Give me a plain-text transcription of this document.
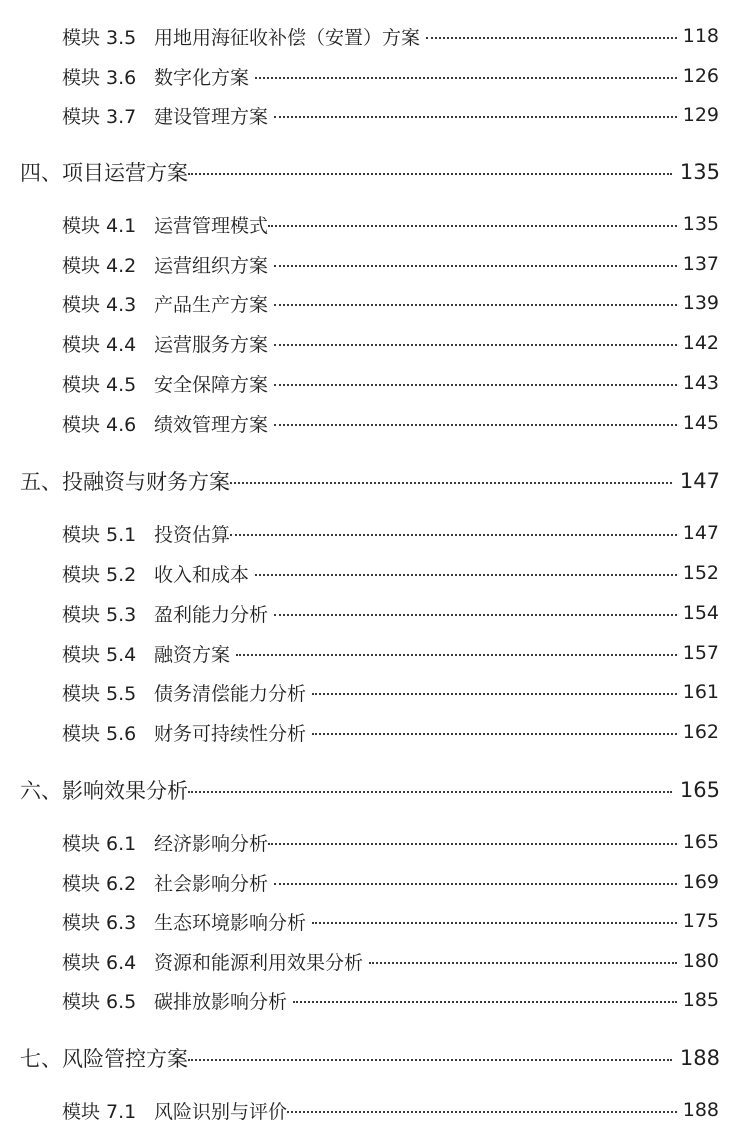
模块 3.5 用地用海征收补偿（安置）方案	118
模块 3.6 数字化方案	126
模块 3.7 建设管理方案	129
四、项目运营方案	135
模块 4.1 运营管理模式	135
模块 4.2 运营组织方案	137
模块 4.3 产品生产方案	139
模块 4.4 运营服务方案	142
模块 4.5 安全保障方案	143
模块 4.6 绩效管理方案	145
五、投融资与财务方案	147
模块 5.1 投资估算	147
模块 5.2 收入和成本	152
模块 5.3 盈利能力分析	154
模块 5.4 融资方案	157
模块 5.5 债务清偿能力分析	161
模块 5.6 财务可持续性分析	162
六、影响效果分析	165
模块 6.1 经济影响分析	165
模块 6.2 社会影响分析	169
模块 6.3 生态环境影响分析	175
模块 6.4 资源和能源利用效果分析	180
模块 6.5 碳排放影响分析	185
七、风险管控方案	188
模块 7.1 风险识别与评价	188
